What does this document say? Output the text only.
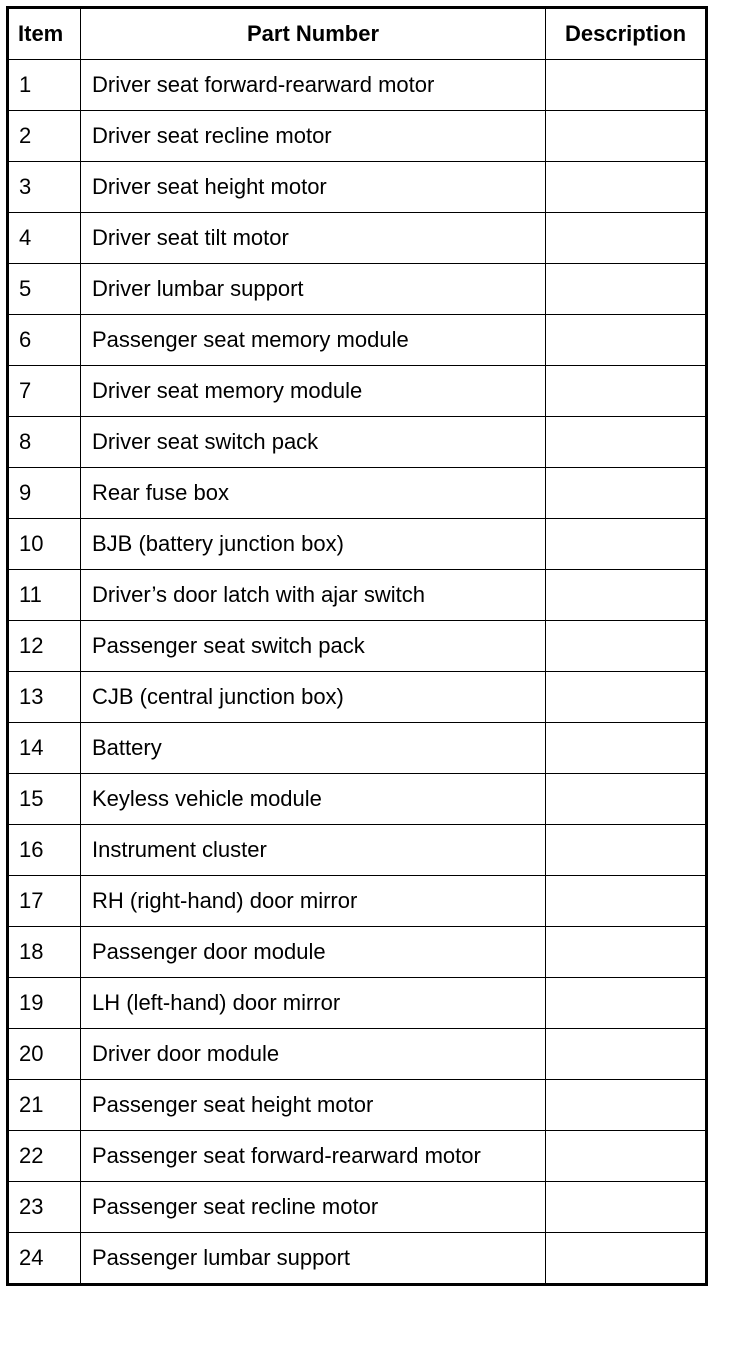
Item	Part Number	Description
1	Driver seat forward-rearward motor	
2	Driver seat recline motor	
3	Driver seat height motor	
4	Driver seat tilt motor	
5	Driver lumbar support	
6	Passenger seat memory module	
7	Driver seat memory module	
8	Driver seat switch pack	
9	Rear fuse box	
10	BJB (battery junction box)	
11	Driver’s door latch with ajar switch	
12	Passenger seat switch pack	
13	CJB (central junction box)	
14	Battery	
15	Keyless vehicle module	
16	Instrument cluster	
17	RH (right-hand) door mirror	
18	Passenger door module	
19	LH (left-hand) door mirror	
20	Driver door module	
21	Passenger seat height motor	
22	Passenger seat forward-rearward motor	
23	Passenger seat recline motor	
24	Passenger lumbar support	
